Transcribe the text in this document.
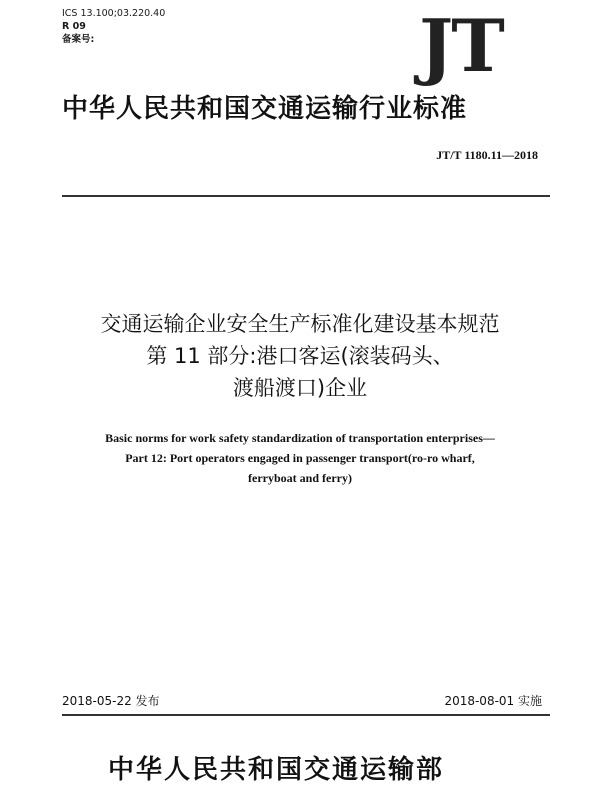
ICS 13.100;03.220.40
R 09
备案号:	JT
中华人民共和国交通运输行业标准
JT/T 1180.11—2018
交通运输企业安全生产标准化建设基本规范
第 11 部分:港口客运(滚装码头、
渡船渡口)企业
Basic norms for work safety standardization of transportation enterprises—
Part 12: Port operators engaged in passenger transport(ro-ro wharf,
ferryboat and ferry)
2018-05-22 发布	2018-08-01 实施
中华人民共和国交通运输部
